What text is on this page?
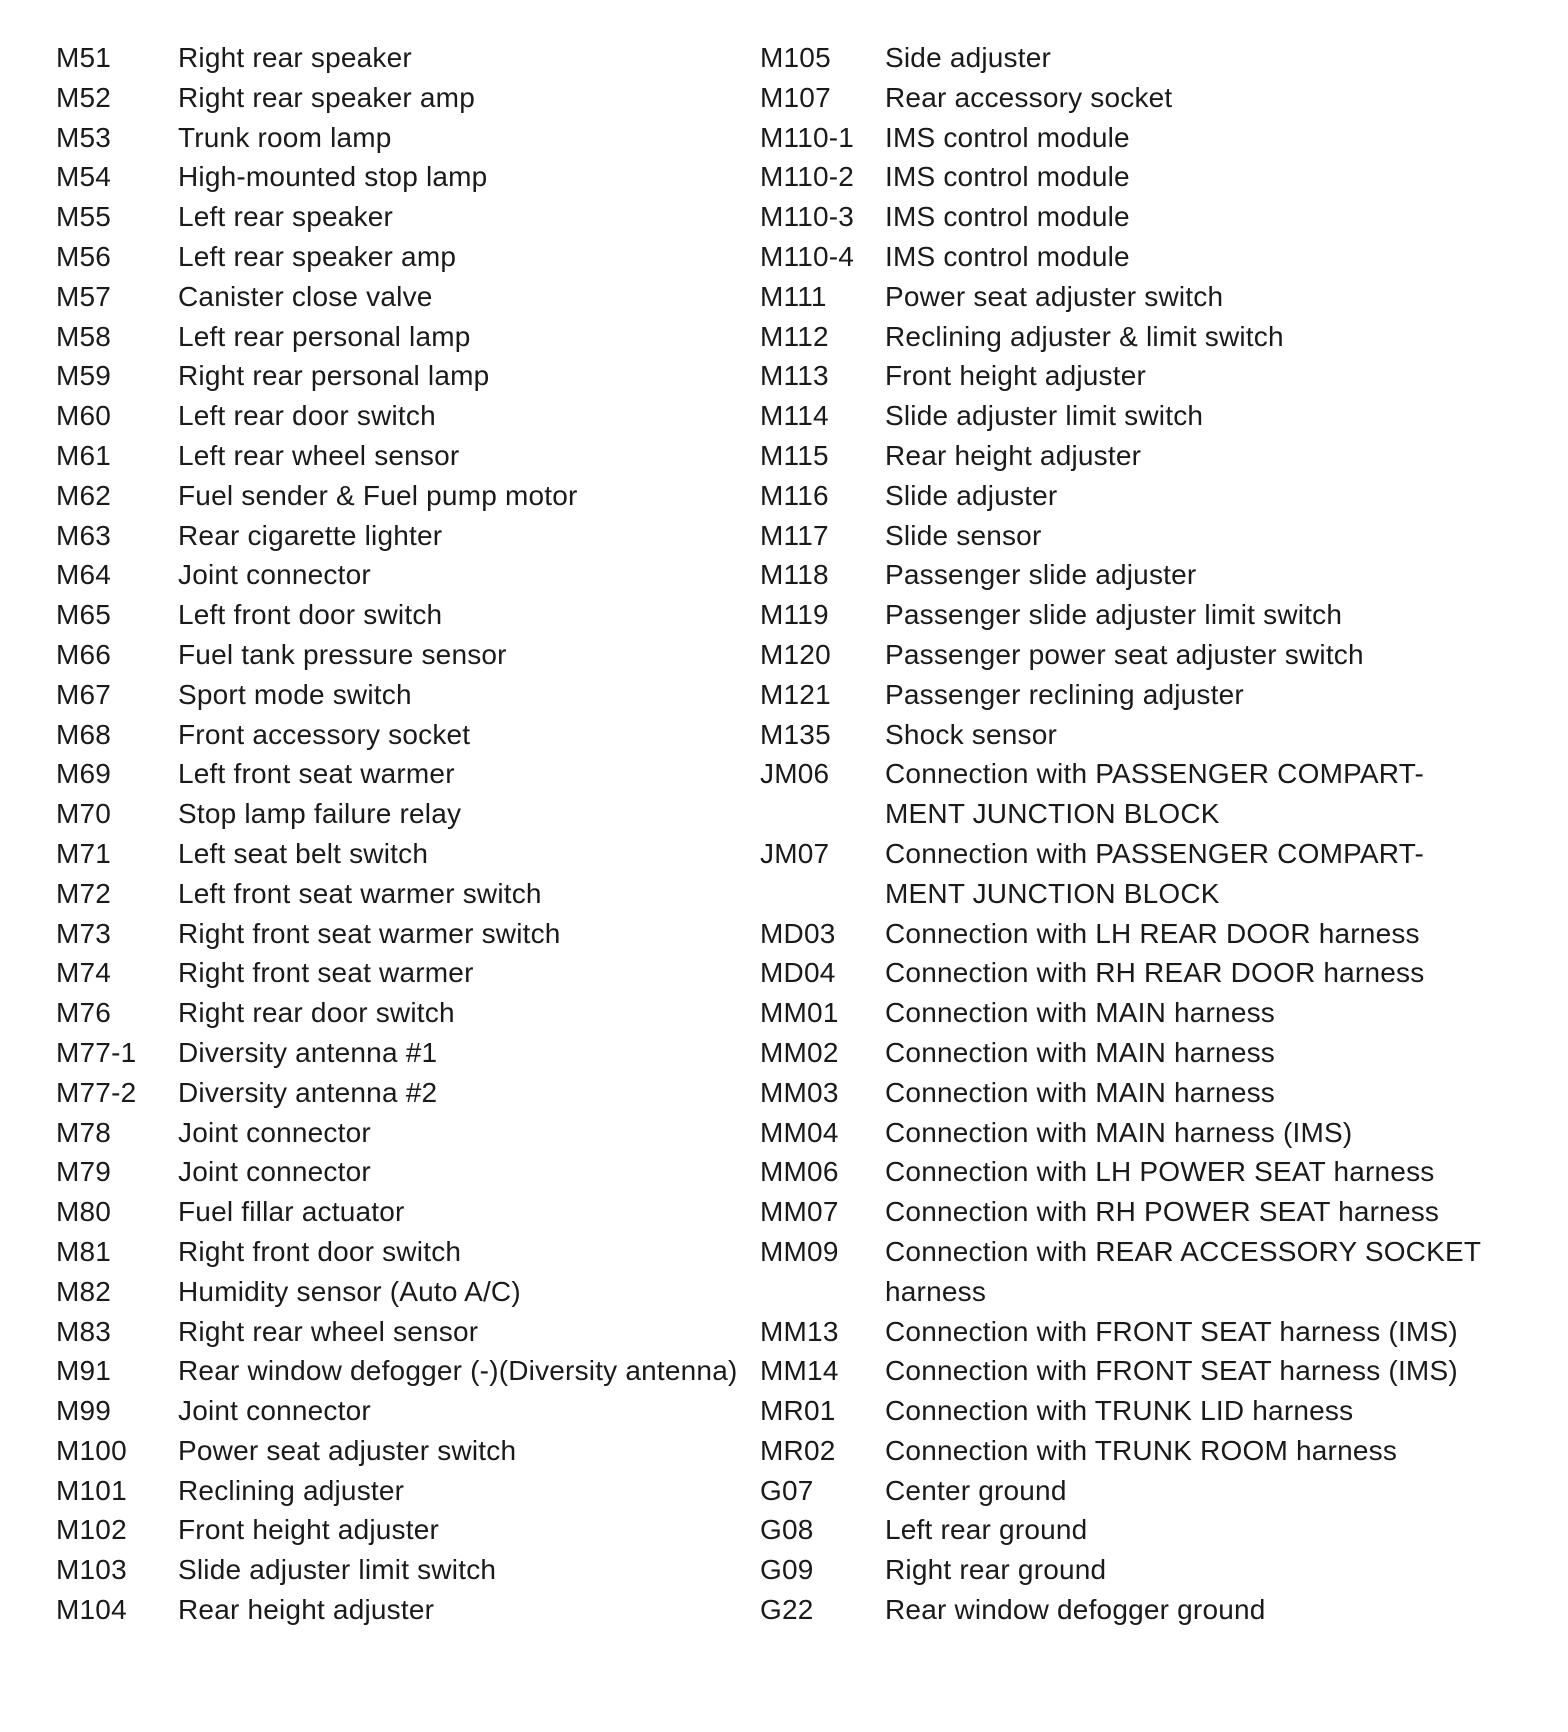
M51	Right rear speaker
M52	Right rear speaker amp
M53	Trunk room lamp
M54	High-mounted stop lamp
M55	Left rear speaker
M56	Left rear speaker amp
M57	Canister close valve
M58	Left rear personal lamp
M59	Right rear personal lamp
M60	Left rear door switch
M61	Left rear wheel sensor
M62	Fuel sender & Fuel pump motor
M63	Rear cigarette lighter
M64	Joint connector
M65	Left front door switch
M66	Fuel tank pressure sensor
M67	Sport mode switch
M68	Front accessory socket
M69	Left front seat warmer
M70	Stop lamp failure relay
M71	Left seat belt switch
M72	Left front seat warmer switch
M73	Right front seat warmer switch
M74	Right front seat warmer
M76	Right rear door switch
M77-1	Diversity antenna #1
M77-2	Diversity antenna #2
M78	Joint connector
M79	Joint connector
M80	Fuel fillar actuator
M81	Right front door switch
M82	Humidity sensor (Auto A/C)
M83	Right rear wheel sensor
M91	Rear window defogger (-)(Diversity antenna)
M99	Joint connector
M100	Power seat adjuster switch
M101	Reclining adjuster
M102	Front height adjuster
M103	Slide adjuster limit switch
M104	Rear height adjuster
M105	Side adjuster
M107	Rear accessory socket
M110-1	IMS control module
M110-2	IMS control module
M110-3	IMS control module
M110-4	IMS control module
M111	Power seat adjuster switch
M112	Reclining adjuster & limit switch
M113	Front height adjuster
M114	Slide adjuster limit switch
M115	Rear height adjuster
M116	Slide adjuster
M117	Slide sensor
M118	Passenger slide adjuster
M119	Passenger slide adjuster limit switch
M120	Passenger power seat adjuster switch
M121	Passenger reclining adjuster
M135	Shock sensor
JM06	Connection with PASSENGER COMPART-
MENT JUNCTION BLOCK
JM07	Connection with PASSENGER COMPART-
MENT JUNCTION BLOCK
MD03	Connection with LH REAR DOOR harness
MD04	Connection with RH REAR DOOR harness
MM01	Connection with MAIN harness
MM02	Connection with MAIN harness
MM03	Connection with MAIN harness
MM04	Connection with MAIN harness (IMS)
MM06	Connection with LH POWER SEAT harness
MM07	Connection with RH POWER SEAT harness
MM09	Connection with REAR ACCESSORY SOCKET
harness
MM13	Connection with FRONT SEAT harness (IMS)
MM14	Connection with FRONT SEAT harness (IMS)
MR01	Connection with TRUNK LID harness
MR02	Connection with TRUNK ROOM harness
G07	Center ground
G08	Left rear ground
G09	Right rear ground
G22	Rear window defogger ground
